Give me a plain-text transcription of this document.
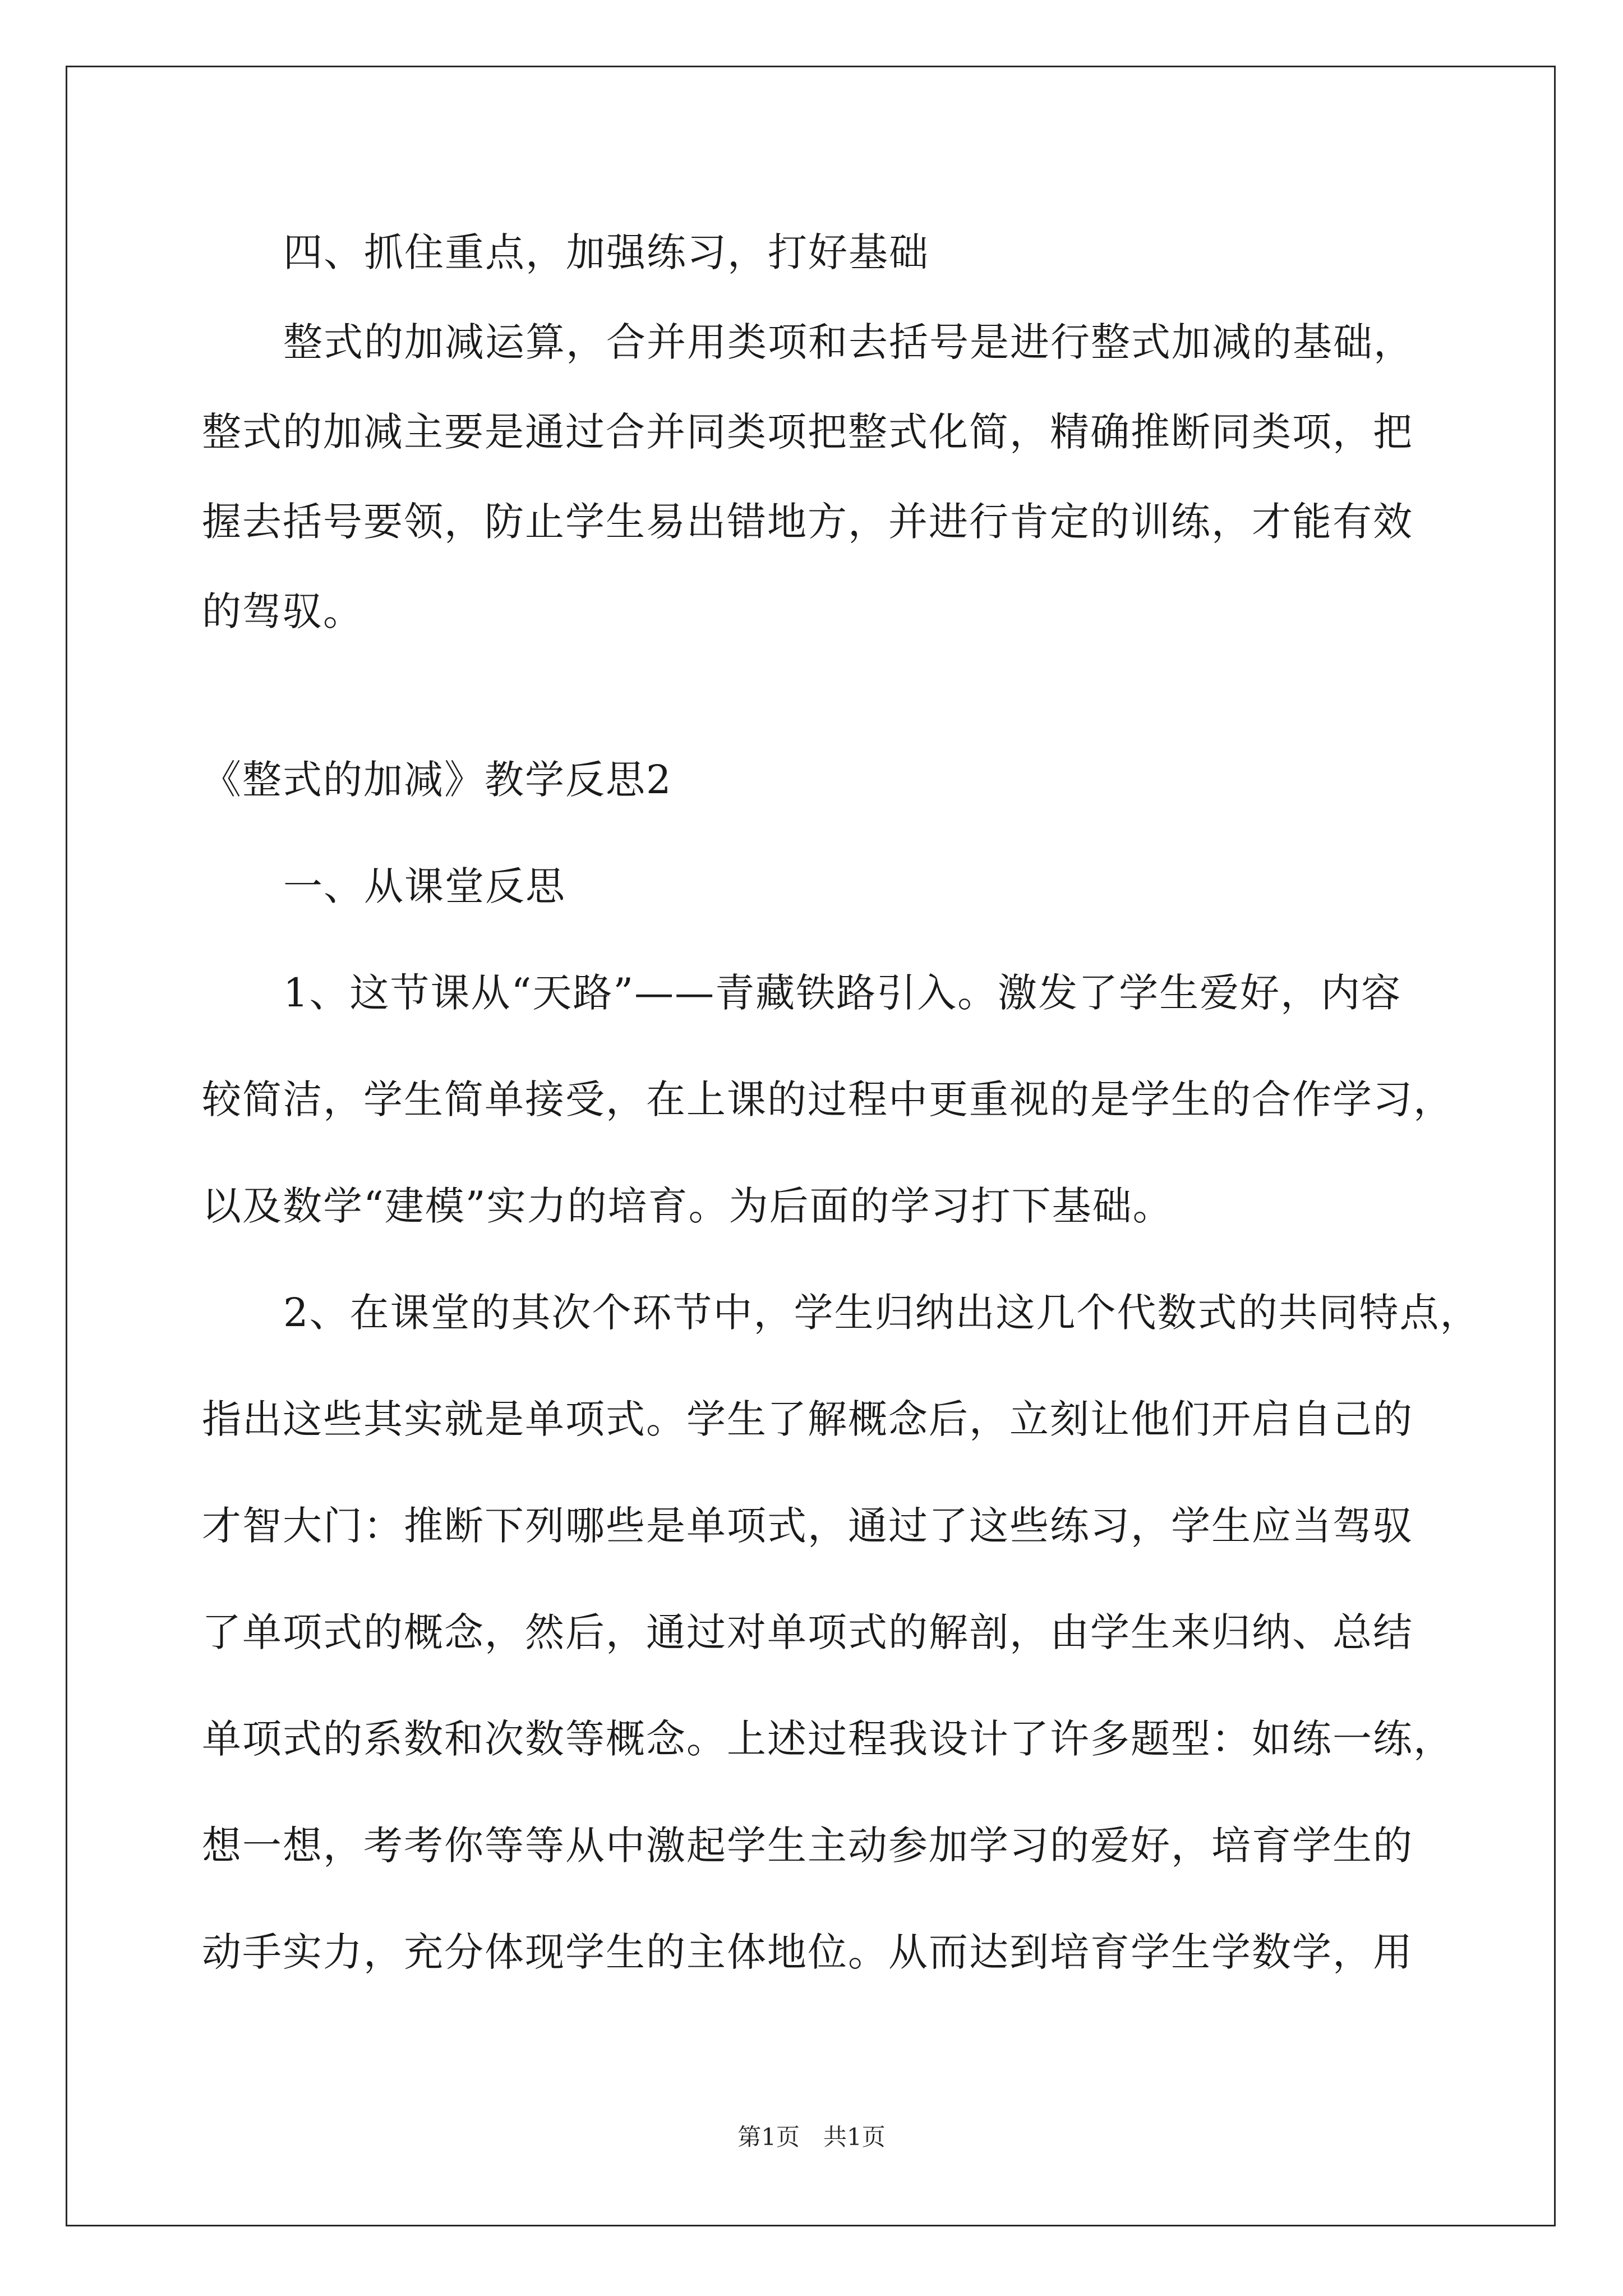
四、抓住重点，加强练习，打好基础
整式的加减运算，合并用类项和去括号是进行整式加减的基础，
整式的加减主要是通过合并同类项把整式化简，精确推断同类项，把
握去括号要领，防止学生易出错地方，并进行肯定的训练，才能有效
的驾驭。
《整式的加减》教学反思2
一、从课堂反思
1、这节课从“天路”——青藏铁路引入。激发了学生爱好，内容
较简洁，学生简单接受，在上课的过程中更重视的是学生的合作学习，
以及数学“建模”实力的培育。为后面的学习打下基础。
2、在课堂的其次个环节中，学生归纳出这几个代数式的共同特点，
指出这些其实就是单项式。学生了解概念后，立刻让他们开启自己的
才智大门：推断下列哪些是单项式，通过了这些练习，学生应当驾驭
了单项式的概念，然后，通过对单项式的解剖，由学生来归纳、总结
单项式的系数和次数等概念。上述过程我设计了许多题型：如练一练，
想一想，考考你等等从中激起学生主动参加学习的爱好，培育学生的
动手实力，充分体现学生的主体地位。从而达到培育学生学数学，用
第1页　共1页
